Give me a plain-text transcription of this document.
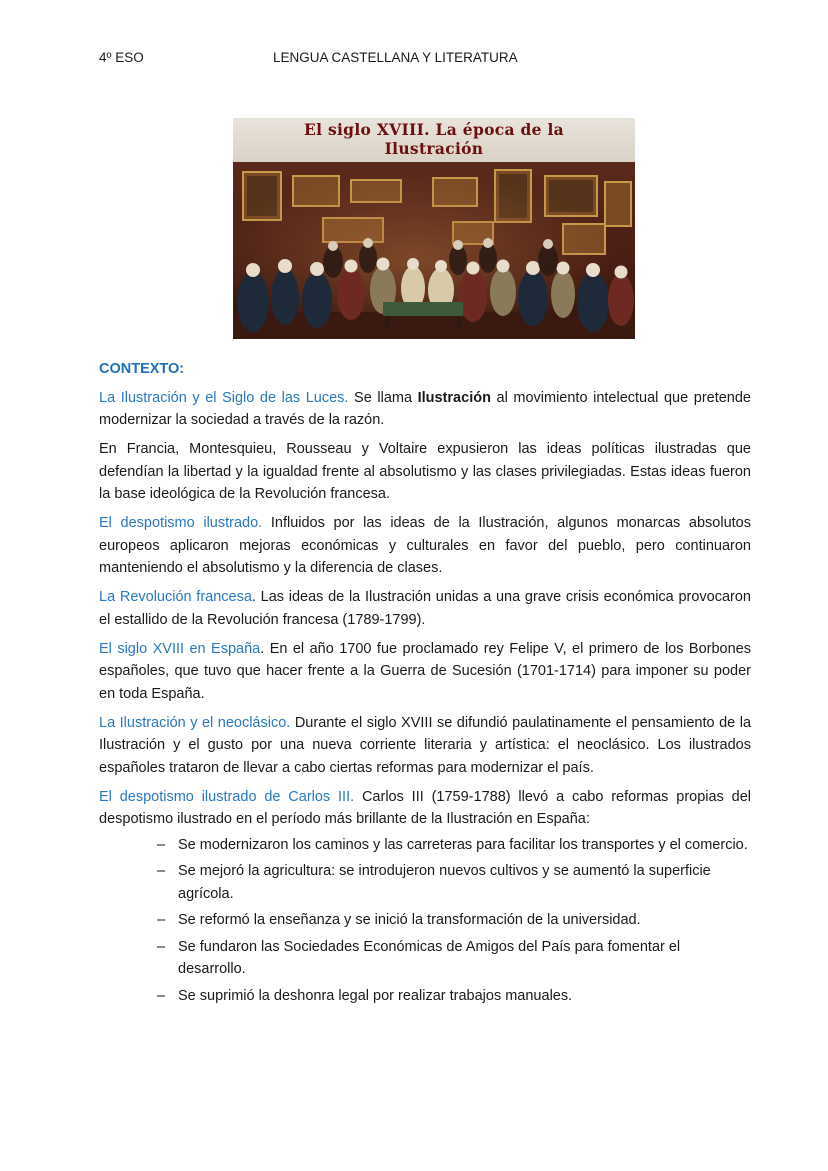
4º ESO	LENGUA CASTELLANA Y LITERATURA
El siglo XVIII. La época de la
Ilustración
CONTEXTO:

La Ilustración y el Siglo de las Luces. Se llama Ilustración al movimiento intelectual que pretende modernizar la sociedad a través de la razón.

En Francia, Montesquieu, Rousseau y Voltaire expusieron las ideas políticas ilustradas que defendían la libertad y la igualdad frente al absolutismo y las clases privilegiadas. Estas ideas fueron la base ideológica de la Revolución francesa.

El despotismo ilustrado. Influidos por las ideas de la Ilustración, algunos monarcas absolutos europeos aplicaron mejoras económicas y culturales en favor del pueblo, pero continuaron manteniendo el absolutismo y la diferencia de clases.

La Revolución francesa. Las ideas de la Ilustración unidas a una grave crisis económica provocaron el estallido de la Revolución francesa (1789-1799).

El siglo XVIII en España. En el año 1700 fue proclamado rey Felipe V, el primero de los Borbones españoles, que tuvo que hacer frente a la Guerra de Sucesión (1701-1714) para imponer su poder en toda España.

La Ilustración y el neoclásico. Durante el siglo XVIII se difundió paulatinamente el pensamiento de la Ilustración y el gusto por una nueva corriente literaria y artística: el neoclásico. Los ilustrados españoles trataron de llevar a cabo ciertas reformas para modernizar el país.

El despotismo ilustrado de Carlos III. Carlos III (1759-1788) llevó a cabo reformas propias del despotismo ilustrado en el período más brillante de la Ilustración en España:

– Se modernizaron los caminos y las carreteras para facilitar los transportes y el comercio.
– Se mejoró la agricultura: se introdujeron nuevos cultivos y se aumentó la superficie agrícola.
– Se reformó la enseñanza y se inició la transformación de la universidad.
– Se fundaron las Sociedades Económicas de Amigos del País para fomentar el desarrollo.
– Se suprimió la deshonra legal por realizar trabajos manuales.
